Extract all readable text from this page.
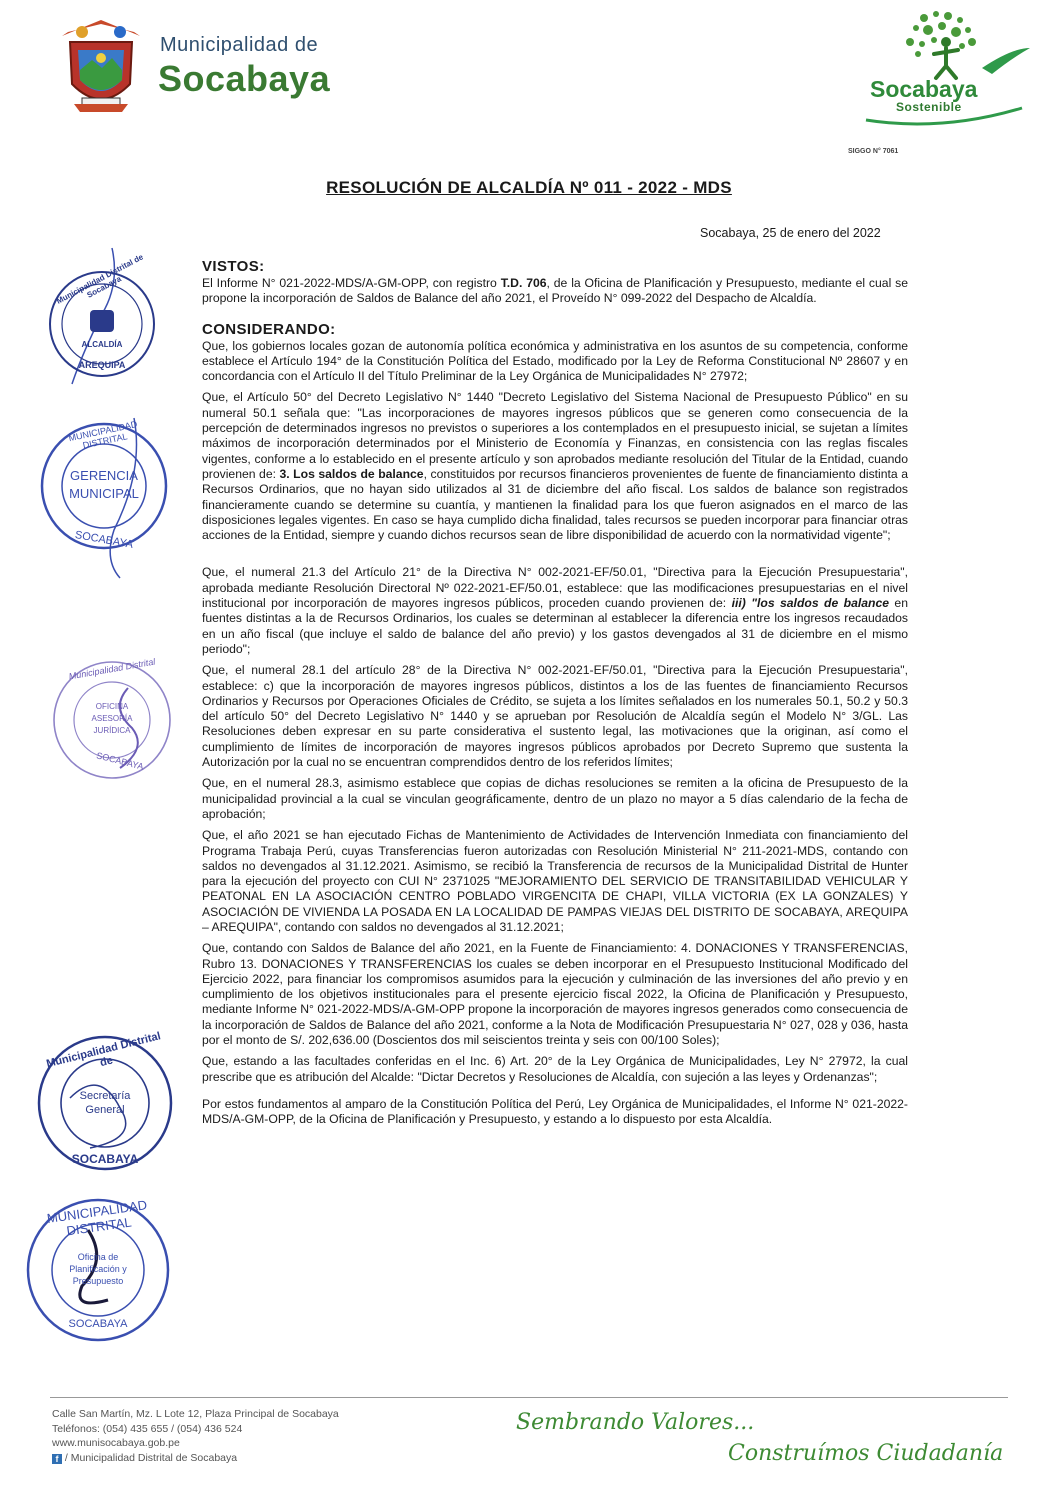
Municipalidad de
Socabaya	Socabaya
Sostenible
SIGGO N° 7061
RESOLUCIÓN DE ALCALDÍA Nº 011 - 2022 - MDS
Socabaya, 25 de enero del 2022
Municipalidad Distrital de Socabaya
ALCALDÍA
AREQUIPA
MUNICIPALIDAD DISTRITAL
GERENCIA
MUNICIPAL
SOCABAYA
Municipalidad Distrital
OFICINA
ASESORÍA
JURÍDICA
SOCABAYA
Municipalidad Distrital de
Secretaría
General
SOCABAYA
MUNICIPALIDAD DISTRITAL
Oficina de
Planificación y
Presupuesto
SOCABAYA
VISTOS:

El Informe N° 021-2022-MDS/A-GM-OPP, con registro T.D. 706, de la Oficina de Planificación y Presupuesto, mediante el cual se propone la incorporación de Saldos de Balance del año 2021, el Proveído N° 099-2022 del Despacho de Alcaldía.

CONSIDERANDO:

Que, los gobiernos locales gozan de autonomía política económica y administrativa en los asuntos de su competencia, conforme establece el Artículo 194° de la Constitución Política del Estado, modificado por la Ley de Reforma Constitucional Nº 28607 y en concordancia con el Artículo II del Título Preliminar de la Ley Orgánica de Municipalidades N° 27972;

Que, el Artículo 50° del Decreto Legislativo N° 1440 "Decreto Legislativo del Sistema Nacional de Presupuesto Público" en su numeral 50.1 señala que: "Las incorporaciones de mayores ingresos públicos que se generen como consecuencia de la percepción de determinados ingresos no previstos o superiores a los contemplados en el presupuesto inicial, se sujetan a límites máximos de incorporación determinados por el Ministerio de Economía y Finanzas, en consistencia con las reglas fiscales vigentes, conforme a lo establecido en el presente artículo y son aprobados mediante resolución del Titular de la Entidad, cuando provienen de: 3. Los saldos de balance, constituidos por recursos financieros provenientes de fuente de financiamiento distinta a Recursos Ordinarios, que no hayan sido utilizados al 31 de diciembre del año fiscal. Los saldos de balance son registrados financieramente cuando se determine su cuantía, y mantienen la finalidad para los que fueron asignados en el marco de las disposiciones legales vigentes. En caso se haya cumplido dicha finalidad, tales recursos se pueden incorporar para financiar otras acciones de la Entidad, siempre y cuando dichos recursos sean de libre disponibilidad de acuerdo con la normatividad vigente";

Que, el numeral 21.3 del Artículo 21° de la Directiva N° 002-2021-EF/50.01, "Directiva para la Ejecución Presupuestaria", aprobada mediante Resolución Directoral Nº 022-2021-EF/50.01, establece: que las modificaciones presupuestarias en el nivel institucional por incorporación de mayores ingresos públicos, proceden cuando provienen de: iii) "los saldos de balance en fuentes distintas a la de Recursos Ordinarios, los cuales se determinan al establecer la diferencia entre los ingresos recaudados en un año fiscal (que incluye el saldo de balance del año previo) y los gastos devengados al 31 de diciembre en el mismo periodo";

Que, el numeral 28.1 del artículo 28° de la Directiva N° 002-2021-EF/50.01, "Directiva para la Ejecución Presupuestaria", establece: c) que la incorporación de mayores ingresos públicos, distintos a los de las fuentes de financiamiento Recursos Ordinarios y Recursos por Operaciones Oficiales de Crédito, se sujeta a los límites señalados en los numerales 50.1, 50.2 y 50.3 del artículo 50° del Decreto Legislativo N° 1440 y se aprueban por Resolución de Alcaldía según el Modelo N° 3/GL. Las Resoluciones deben expresar en su parte considerativa el sustento legal, las motivaciones que la originan, así como el cumplimiento de límites de incorporación de mayores ingresos públicos aprobados por Decreto Supremo que sustenta la Autorización por la cual no se encuentran comprendidos dentro de los referidos límites;

Que, en el numeral 28.3, asimismo establece que copias de dichas resoluciones se remiten a la oficina de Presupuesto de la municipalidad provincial a la cual se vinculan geográficamente, dentro de un plazo no mayor a 5 días calendario de la fecha de aprobación;

Que, el año 2021 se han ejecutado Fichas de Mantenimiento de Actividades de Intervención Inmediata con financiamiento del Programa Trabaja Perú, cuyas Transferencias fueron autorizadas con Resolución Ministerial N° 211-2021-MDS, contando con saldos no devengados al 31.12.2021. Asimismo, se recibió la Transferencia de recursos de la Municipalidad Distrital de Hunter para la ejecución del proyecto con CUI N° 2371025 "MEJORAMIENTO DEL SERVICIO DE TRANSITABILIDAD VEHICULAR Y PEATONAL EN LA ASOCIACIÓN CENTRO POBLADO VIRGENCITA DE CHAPI, VILLA VICTORIA (EX LA GONZALES) Y ASOCIACIÓN DE VIVIENDA LA POSADA EN LA LOCALIDAD DE PAMPAS VIEJAS DEL DISTRITO DE SOCABAYA, AREQUIPA – AREQUIPA", contando con saldos no devengados al 31.12.2021;

Que, contando con Saldos de Balance del año 2021, en la Fuente de Financiamiento: 4. DONACIONES Y TRANSFERENCIAS, Rubro 13. DONACIONES Y TRANSFERENCIAS los cuales se deben incorporar en el Presupuesto Institucional Modificado del Ejercicio 2022, para financiar los compromisos asumidos para la ejecución y culminación de las inversiones del año previo y en cumplimiento de los objetivos institucionales para el presente ejercicio fiscal 2022, la Oficina de Planificación y Presupuesto, mediante Informe N° 021-2022-MDS/A-GM-OPP propone la incorporación de mayores ingresos generados como consecuencia de la incorporación de Saldos de Balance del año 2021, conforme a la Nota de Modificación Presupuestaria N° 027, 028 y 036, hasta por el monto de S/. 202,636.00 (Doscientos dos mil seiscientos treinta y seis con 00/100 Soles);

Que, estando a las facultades conferidas en el Inc. 6) Art. 20° de la Ley Orgánica de Municipalidades, Ley N° 27972, la cual prescribe que es atribución del Alcalde: "Dictar Decretos y Resoluciones de Alcaldía, con sujeción a las leyes y Ordenanzas";

Por estos fundamentos al amparo de la Constitución Política del Perú, Ley Orgánica de Municipalidades, el Informe N° 021-2022-MDS/A-GM-OPP, de la Oficina de Planificación y Presupuesto, y estando a lo dispuesto por esta Alcaldía.

Calle San Martín, Mz. L Lote 12, Plaza Principal de Socabaya
Teléfonos: (054) 435 655 / (054) 436 524
www.munisocabaya.gob.pe
f / Municipalidad Distrital de Socabaya
Sembrando Valores...
Construímos Ciudadanía
